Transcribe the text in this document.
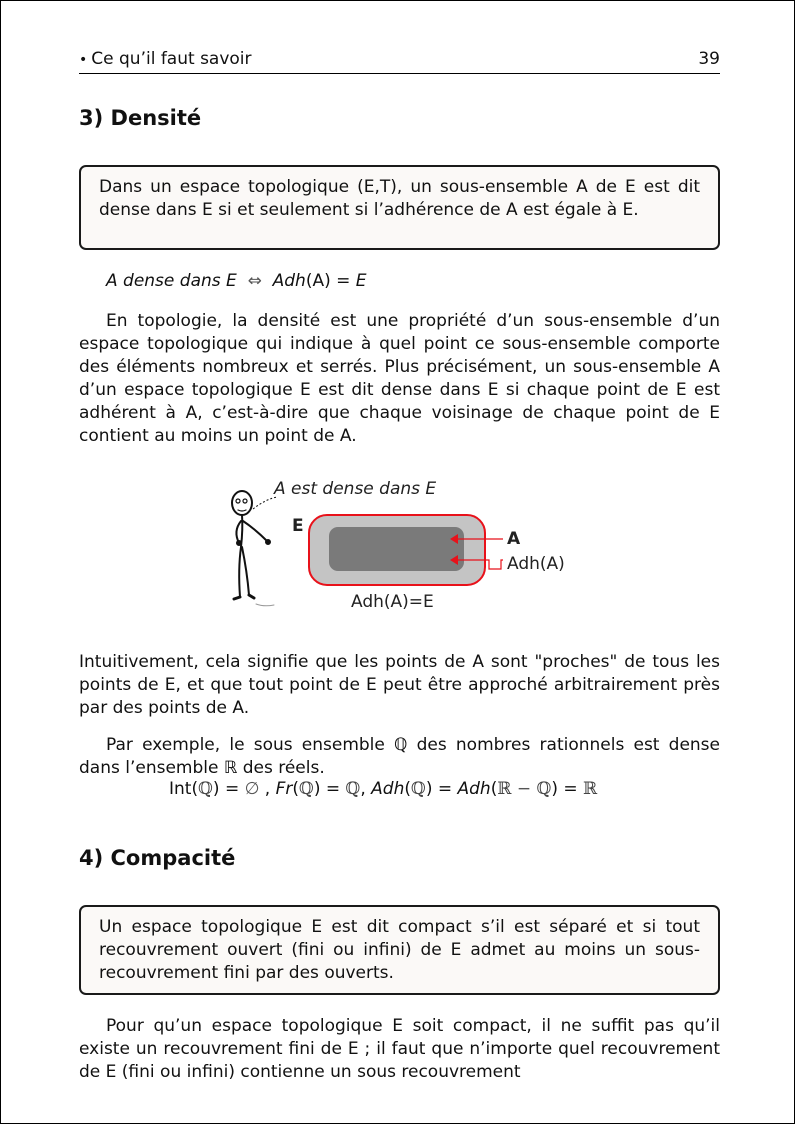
• Ce qu’il faut savoir	39
3) Densité
Dans un espace topologique (E,T), un sous-ensemble A de E est dit dense dans E si et seulement si l’adhérence de A est égale à E.
A dense dans E ⇔ Adh(A) = E

En topologie, la densité est une propriété d’un sous-ensemble d’un espace topologique qui indique à quel point ce sous-ensemble comporte des éléments nombreux et serrés. Plus précisément, un sous-ensemble A d’un espace topologique E est dit dense dans E si chaque point de E est adhérent à A, c’est-à-dire que chaque voisinage de chaque point de E contient au moins un point de A.

A est dense dans E
E
A
Adh(A)
Adh(A)=E

Intuitivement, cela signifie que les points de A sont "proches" de tous les points de E, et que tout point de E peut être approché arbitrairement près par des points de A.

Par exemple, le sous ensemble ℚ des nombres rationnels est dense dans l’ensemble ℝ des réels.

Int(ℚ) = ∅ , Fr(ℚ) = ℚ, Adh(ℚ) = Adh(ℝ − ℚ) = ℝ
4) Compacité
Un espace topologique E est dit compact s’il est séparé et si tout recouvrement ouvert (fini ou infini) de E admet au moins un sous-recouvrement fini par des ouverts.

Pour qu’un espace topologique E soit compact, il ne suffit pas qu’il existe un recouvrement fini de E ; il faut que n’importe quel recouvrement de E (fini ou infini) contienne un sous recouvrement
